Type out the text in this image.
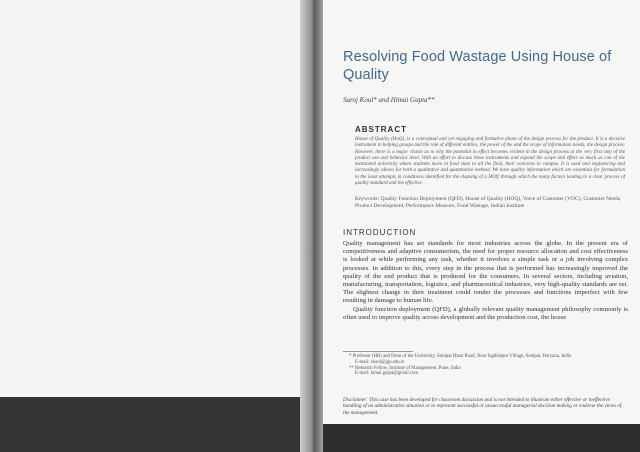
Resolving Food Wastage Using House of Quality
Saroj Koul* and Himai Gupta**
ABSTRACT
House of Quality (HoQ), is a conceptual and yet engaging and formative phase of the design process for the product. It is a decisive instrument in helping groups and the role of different entities, the power of the and the scope of information needs, the design process. However, there is a major chasm as to why the potential in effect becomes evident in the design process at the very first step of the product use and behavior level. With an effort to discuss these instruments and expand the scope and effect as much as can of the mentioned university where students move in food state to all the final, their concerns in campus. It is used and engineering and increasingly allows for both a qualitative and quantitative method. We have quality information which are essentials for formulation to the least attempts in conditions identified for the elapsing of a HOQ through which the many factors leading to a clear process of quality standard and the effective.
Keywords: Quality Function Deployment (QFD), House of Quality (HOQ), Voice of Customer (VOC), Customer Needs, Product Development, Performance Measure, Food Wastage, Indian Institute
INTRODUCTION
Quality management has set standards for most industries across the globe. In the present era of competitiveness and adaptive consumerism, the need for proper resource allocation and cost effectiveness is looked at while performing any task, whether it involves a simple task or a job involving complex processes. In addition to this, every step in the process that is performed has increasingly improved the quality of the end product that is produced for the consumers. In several sectors, including aviation, manufacturing, transportation, logistics, and pharmaceutical industries, very high-quality standards are set. The slightest change in their treatment could render the processes and functions imperfect with few resulting in damage to human life.
Quality function deployment (QFD), a globally relevant quality management philosophy commonly is often used to improve quality across development and the production cost, the house
* Professor (HR) and Dean of the University, Sonipat Hisar Road, Near Jagdishpur Village, Sonipat, Haryana, India
E-mail: skoul@jgu.edu.in
** Research Fellow, Institute of Management, Pune, India
E-mail: himai.gupta@gmail.com
Disclaimer: This case has been developed for classroom discussion and is not intended to illustrate either effective or ineffective handling of an administrative situation or to represent successful or unsuccessful managerial decision making or endorse the views of the management.
